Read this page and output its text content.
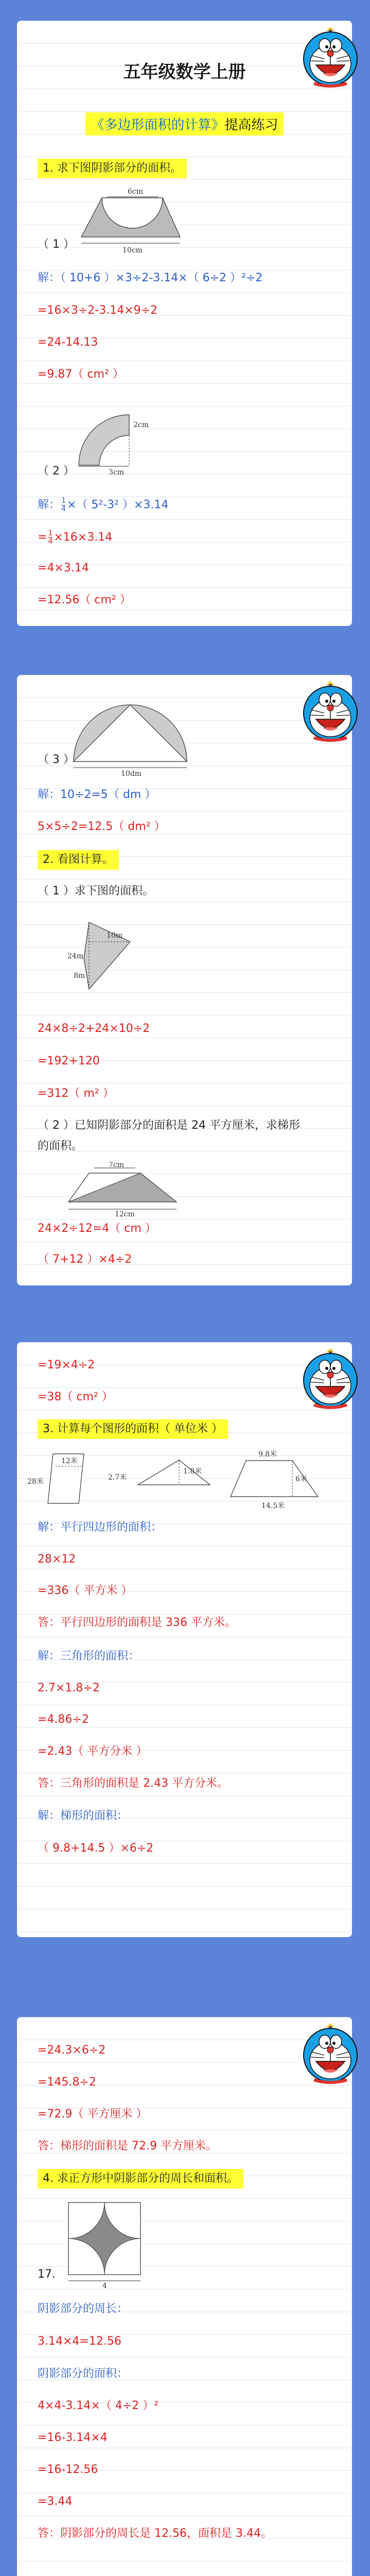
五年级数学上册
《多边形面积的计算》提高练习
1. 求下图阴影部分的面积。
6cm
10cm
（ 1 ）
解：（ 10+6 ）×3÷2-3.14×（ 6÷2 ）²÷2
=16×3÷2-3.14×9÷2
=24-14.13
=9.87（ cm² ）
2cm
3cm
（ 2 ）
解： $\frac{1}{4}$ ×（ 5²-3² ）×3.14
= $\frac{1}{4} \times 16\times 3.14$
=4×3.14
=12.56（ cm² ）
10dm
（ 3 ）
解：10÷2=5（ dm ）
5×5÷2=12.5（ dm² ）
2. 看图计算。
（ 1 ）求下图的面积。
24m
10m
8m
24×8÷2+24×10÷2
=192+120
=312（ m² ）
（ 2 ）已知阴影部分的面积是 24 平方厘米，求梯形
的面积。
7cm
12cm
24×2÷12=4（ cm ）
（ 7+12 ）×4÷2
=19×4÷2
=38（ cm² ）
3. 计算每个图形的面积（ 单位米 ）
12米
28米	2.7米
1.8米
9.8米
6米
14.5米
解：平行四边形的面积：
28×12
=336（ 平方米 ）
答：平行四边形的面积是 336 平方米。
解：三角形的面积：
2.7×1.8÷2
=4.86÷2
=2.43（ 平方分米 ）
答：三角形的面积是 2.43 平方分米。
解：梯形的面积：
（ 9.8+14.5 ）×6÷2
=24.3×6÷2
=145.8÷2
=72.9（ 平方厘米 ）
答：梯形的面积是 72.9 平方厘米。
4. 求正方形中阴影部分的周长和面积。
4
17.
阴影部分的周长：
3.14×4=12.56
阴影部分的面积：
4×4-3.14×（ 4÷2 ）²
=16-3.14×4
=16-12.56
=3.44
答：阴影部分的周长是 12.56，面积是 3.44。
